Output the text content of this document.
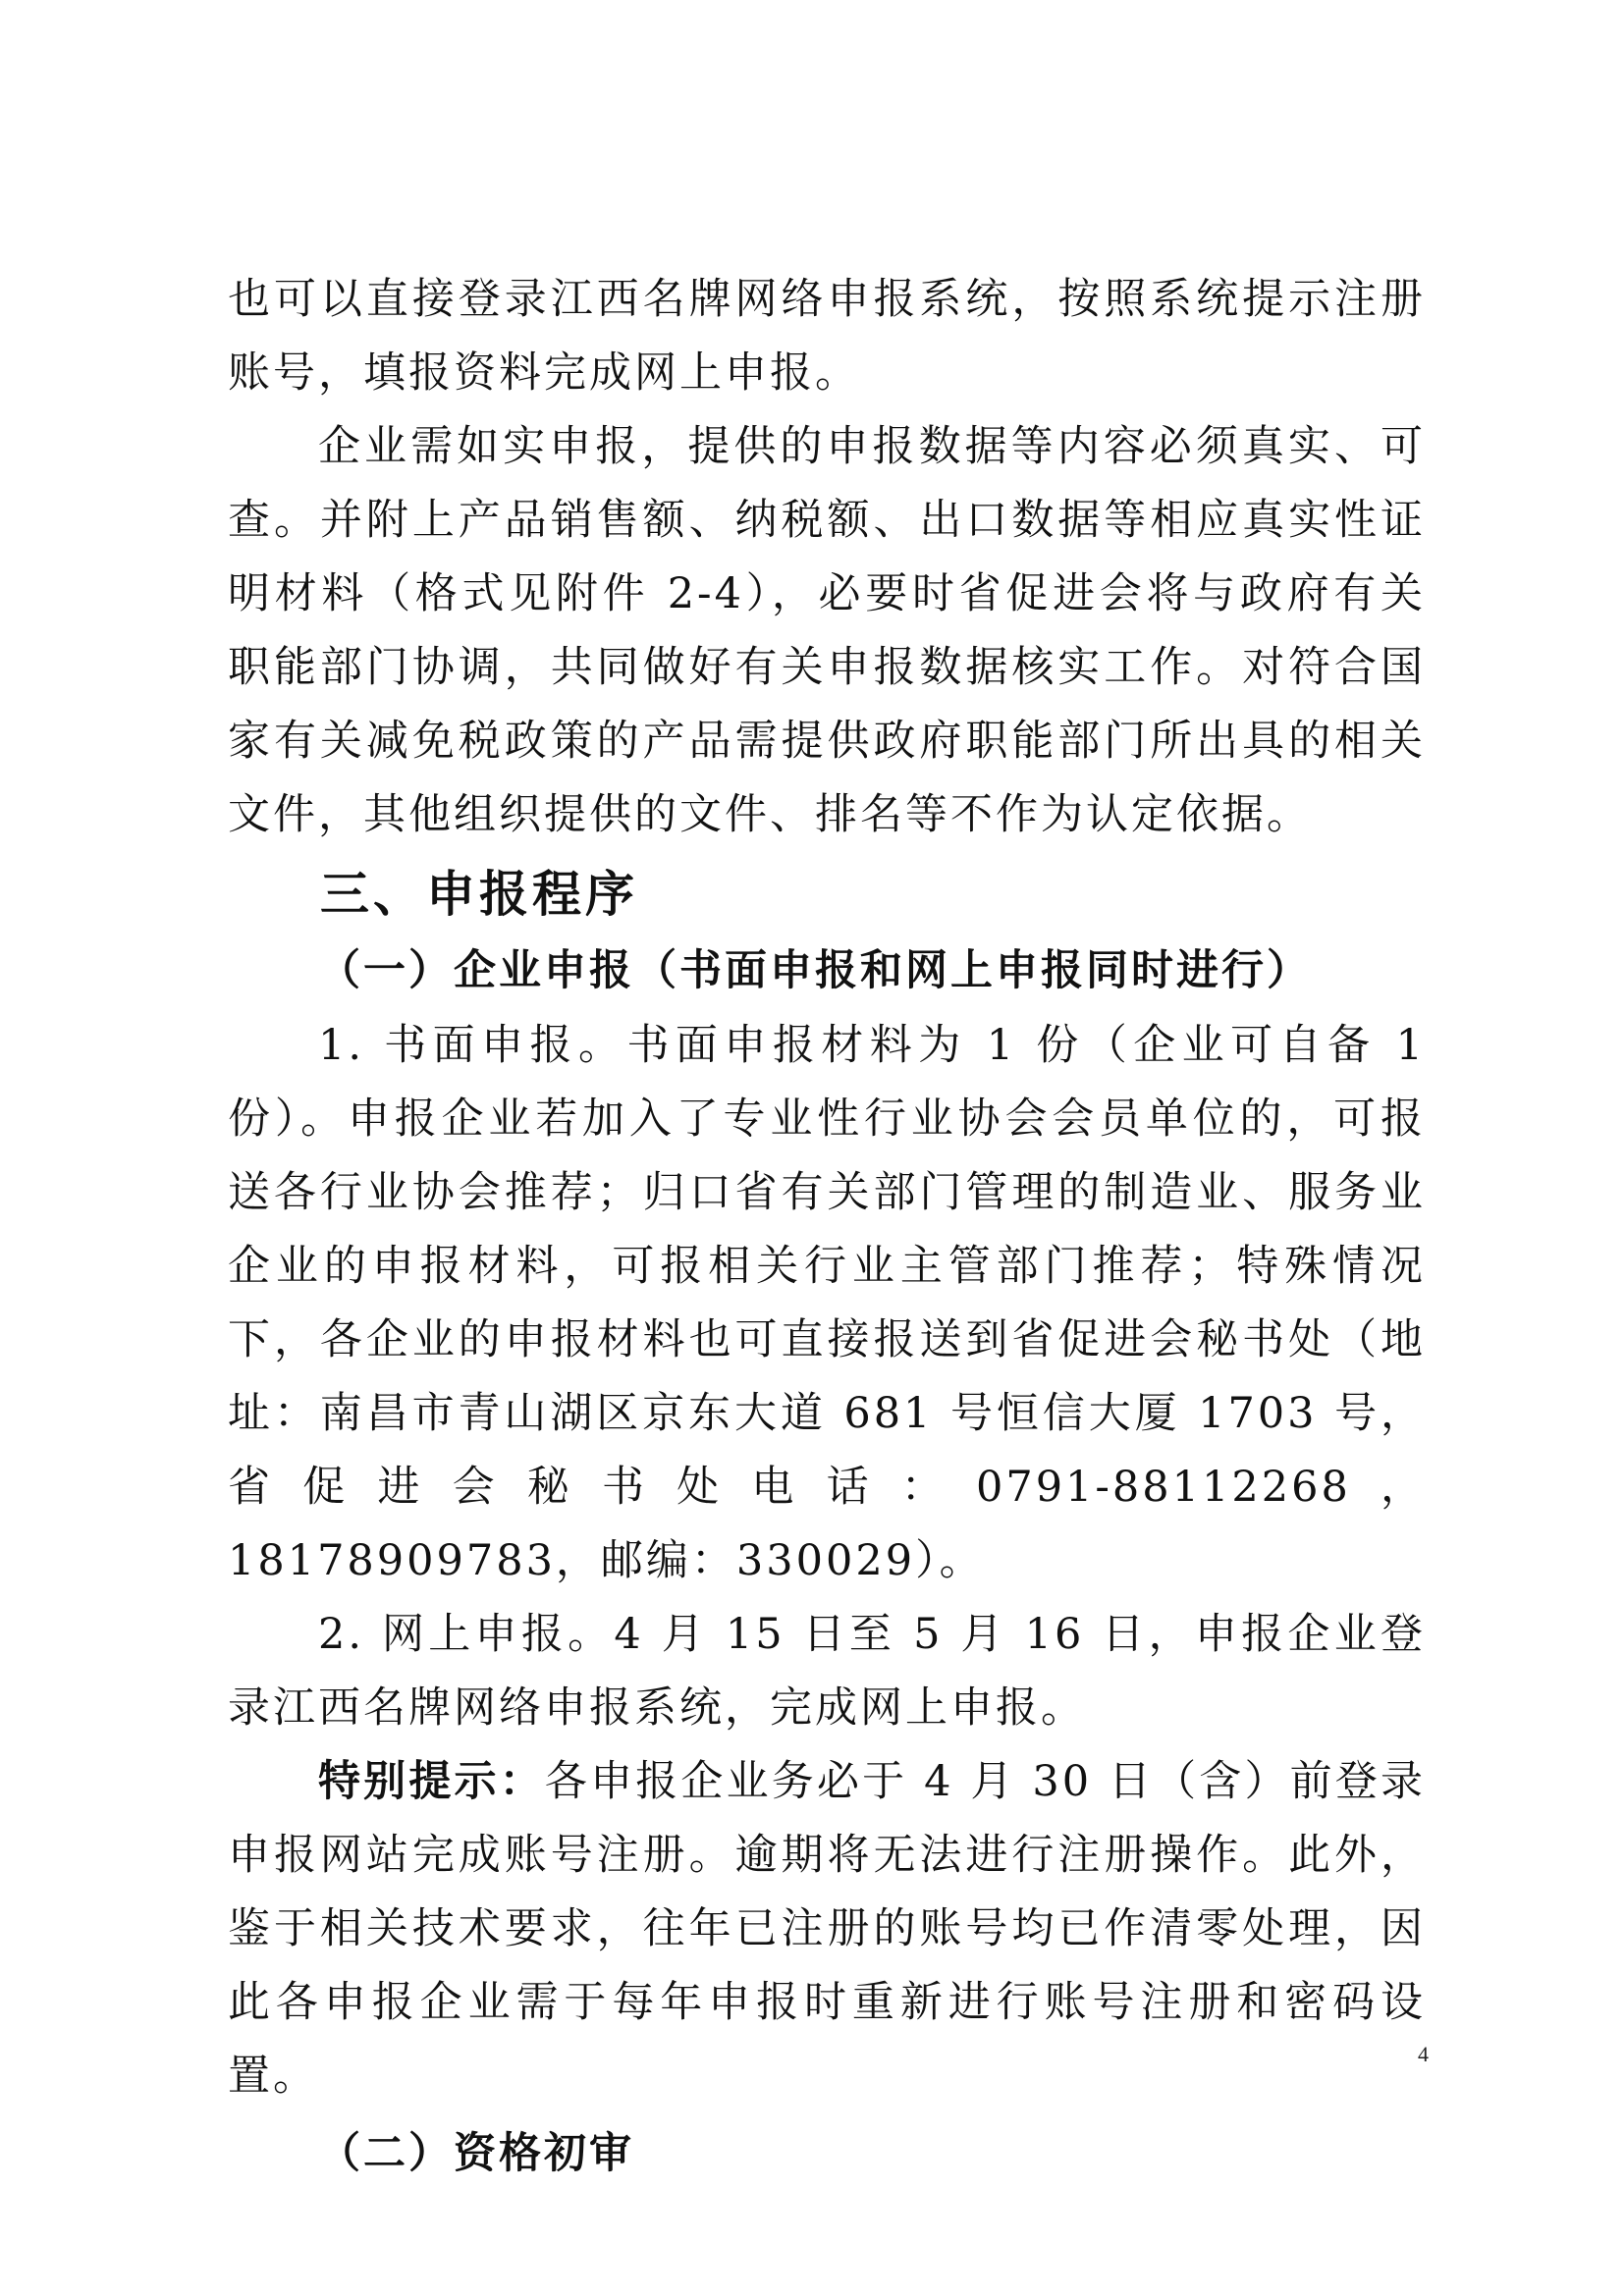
也可以直接登录江西名牌网络申报系统，按照系统提示注册账号，填报资料完成网上申报。

企业需如实申报，提供的申报数据等内容必须真实、可查。并附上产品销售额、纳税额、出口数据等相应真实性证明材料（格式见附件 2-4），必要时省促进会将与政府有关职能部门协调，共同做好有关申报数据核实工作。对符合国家有关减免税政策的产品需提供政府职能部门所出具的相关文件，其他组织提供的文件、排名等不作为认定依据。

三、申报程序
（一）企业申报（书面申报和网上申报同时进行）

1. 书面申报。书面申报材料为 1 份（企业可自备 1 份）。申报企业若加入了专业性行业协会会员单位的，可报送各行业协会推荐；归口省有关部门管理的制造业、服务业企业的申报材料，可报相关行业主管部门推荐；特殊情况下，各企业的申报材料也可直接报送到省促进会秘书处（地址：南昌市青山湖区京东大道 681 号恒信大厦 1703 号，省促进会秘书处电话：0791-88112268，18178909783，邮编：330029）。

2. 网上申报。4 月 15 日至 5 月 16 日，申报企业登录江西名牌网络申报系统，完成网上申报。

特别提示：各申报企业务必于 4 月 30 日（含）前登录申报网站完成账号注册。逾期将无法进行注册操作。此外，鉴于相关技术要求，往年已注册的账号均已作清零处理，因此各申报企业需于每年申报时重新进行账号注册和密码设置。

（二）资格初审
4
